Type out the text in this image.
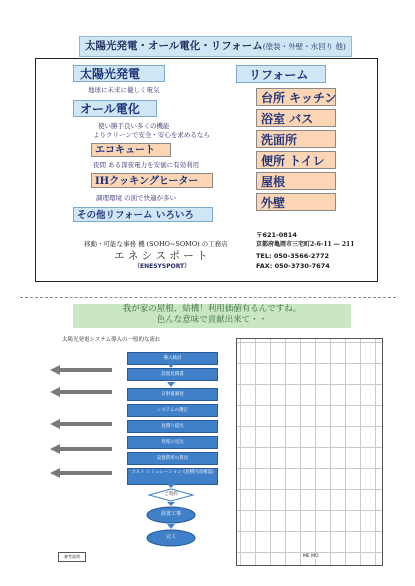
太陽光発電・オール電化・リフォーム(塗装・外壁・水回り 他)
太陽光発電
地球に未来に優しく電気
オール電化
使い勝手良い多くの機能
よりクリーンで安全・安心を求めるなら
エコキュート
夜間 ある深夜電力を安価に有効利用
IHクッキングヒーター
調理環境 の面で快適が多い
その他リフォーム いろいろ
リフォーム
台所 キッチン
浴室 バス
洗面所
便所 トイレ
屋根
外壁
移動・可能な事務 機 (SOHO~SOMO) の工務店
エ ネ シ ス ポ ー ト
（ENESYSPORT）
〒621-0814
京都府亀岡市三宅町2-6-11 ― 211
TEL: 050-3566-2772
FAX: 050-3730-7674
我が家の屋根、結構！利用価値有るんですね。
色んな意味で貢献出来て・・
太陽光発電システム導入の一般的な流れ
導入検討
設置見積書
日射量調査
システムの選定
見積り提出
発電の見込
設置費用の算出
コスト シミュレーション (見積内容確認)
ご契約
設置工事
完工
参考説明	ME MO
